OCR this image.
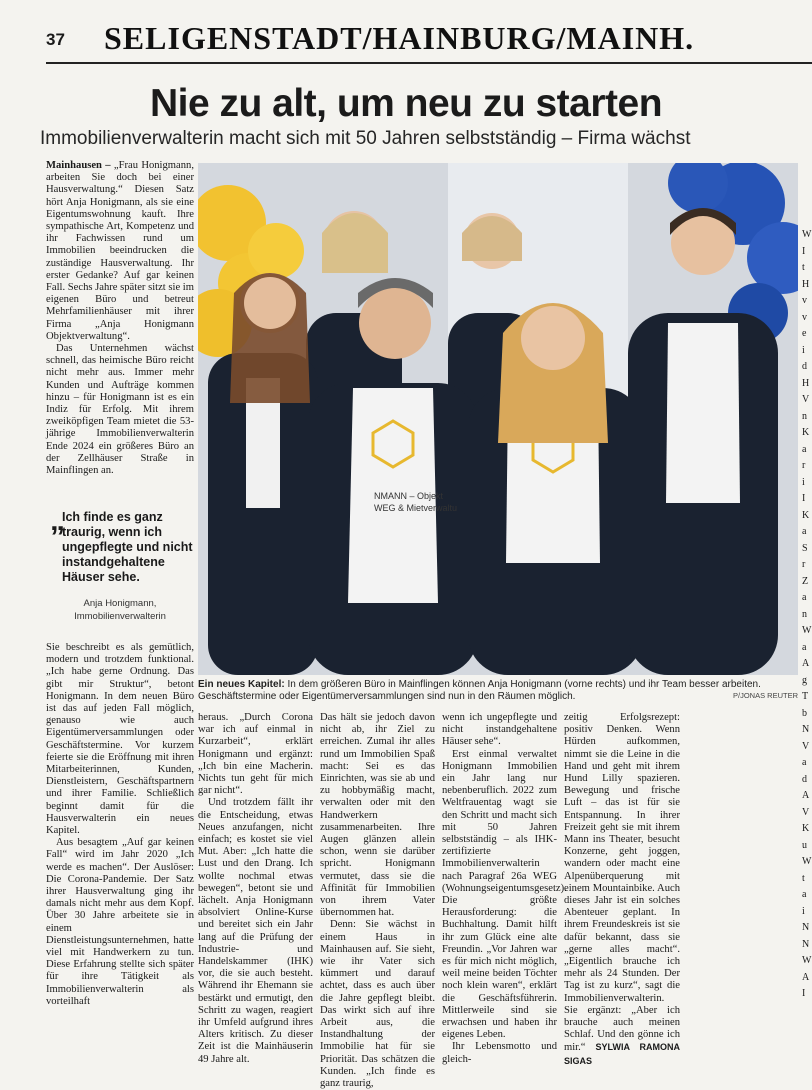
37 SELIGENSTADT/HAINBURG/MAINH.
Nie zu alt, um neu zu starten
Immobilienverwalterin macht sich mit 50 Jahren selbstständig – Firma wächst

Mainhausen – „Frau Honigmann, arbeiten Sie doch bei einer Hausverwaltung.“ Diesen Satz hört Anja Honigmann, als sie eine Eigentumswohnung kauft. Ihre sympathische Art, Kompetenz und ihr Fachwissen rund um Immobilien beeindrucken die zuständige Hausverwaltung. Ihr erster Gedanke? Auf gar keinen Fall. Sechs Jahre später sitzt sie im eigenen Büro und betreut Mehrfamilienhäuser mit ihrer Firma „Anja Honigmann Objektverwaltung“.

Das Unternehmen wächst schnell, das heimische Büro reicht nicht mehr aus. Immer mehr Kunden und Aufträge kommen hinzu – für Honigmann ist es ein Indiz für Erfolg. Mit ihrem zweiköpfigen Team mietet die 53-jährige Immobilienverwalterin Ende 2024 ein größeres Büro an der Zellhäuser Straße in Mainflingen an.

„
Ich finde es ganz traurig, wenn ich ungepflegte und nicht instandgehaltene Häuser sehe.
Anja Honigmann,
Immobilienverwalterin

Sie beschreibt es als gemütlich, modern und trotzdem funktional. „Ich habe gerne Ordnung. Das gibt mir Struktur“, betont Honigmann. In dem neuen Büro ist das auf jeden Fall möglich, genauso wie auch Eigentümerversammlungen oder Geschäftstermine. Vor kurzem feierte sie die Eröffnung mit ihren Mitarbeiterinnen, Kunden, Dienstleistern, Geschäftspartnern und ihrer Familie. Schließlich beginnt damit für die Hausverwalterin ein neues Kapitel.

Aus besagtem „Auf gar keinen Fall“ wird im Jahr 2020 „Ich werde es machen“. Der Auslöser: Die Corona-Pandemie. Der Satz ihrer Hausverwaltung ging ihr damals nicht mehr aus dem Kopf. Über 30 Jahre arbeitete sie in einem Dienstleistungsunternehmen, hatte viel mit Handwerkern zu tun. Diese Erfahrung stellte sich später für ihre Tätigkeit als Immobilienverwalterin als vorteilhaft

NMANN – Objekt
WEG & Mietverwaltu
Ein neues Kapitel: In dem größeren Büro in Mainflingen können Anja Honigmann (vorne rechts) und ihr Team besser arbeiten. Geschäftstermine oder Eigentümerversammlungen sind nun in den Räumen möglich.	P/JONAS REUTER

heraus. „Durch Corona war ich auf einmal in Kurzarbeit“, erklärt Honigmann und ergänzt: „Ich bin eine Macherin. Nichts tun geht für mich gar nicht“.

Und trotzdem fällt ihr die Entscheidung, etwas Neues anzufangen, nicht einfach; es kostet sie viel Mut. Aber: „Ich hatte die Lust und den Drang. Ich wollte nochmal etwas bewegen“, betont sie und lächelt. Anja Honigmann absolviert Online-Kurse und bereitet sich ein Jahr lang auf die Prüfung der Industrie- und Handelskammer (IHK) vor, die sie auch besteht. Während ihr Ehemann sie bestärkt und ermutigt, den Schritt zu wagen, reagiert ihr Umfeld aufgrund ihres Alters kritisch. Zu dieser Zeit ist die Mainhäuserin 49 Jahre alt.

Das hält sie jedoch davon nicht ab, ihr Ziel zu erreichen. Zumal ihr alles rund um Immobilien Spaß macht: Sei es das Einrichten, was sie ab und zu hobbymäßig macht, verwalten oder mit den Handwerkern zusammenarbeiten. Ihre Augen glänzen allein schon, wenn sie darüber spricht. Honigmann vermutet, dass sie die Affinität für Immobilien von ihrem Vater übernommen hat.

Denn: Sie wächst in einem Haus in Mainhausen auf. Sie sieht, wie ihr Vater sich kümmert und darauf achtet, dass es auch über die Jahre gepflegt bleibt. Das wirkt sich auf ihre Arbeit aus, die Instandhaltung der Immobilie hat für sie Priorität. Das schätzen die Kunden. „Ich finde es ganz traurig,

wenn ich ungepflegte und nicht instandgehaltene Häuser sehe“.

Erst einmal verwaltet Honigmann Immobilien ein Jahr lang nur nebenberuflich. 2022 zum Weltfrauentag wagt sie den Schritt und macht sich mit 50 Jahren selbstständig – als IHK-zertifizierte Immobilienverwalterin nach Paragraf 26a WEG (Wohnungseigentumsgesetz). Die größte Herausforderung: die Buchhaltung. Damit hilft ihr zum Glück eine alte Freundin. „Vor Jahren war es für mich nicht möglich, weil meine beiden Töchter noch klein waren“, erklärt die Geschäftsführerin. Mittlerweile sind sie erwachsen und haben ihr eigenes Leben.

Ihr Lebensmotto und gleich-

zeitig Erfolgsrezept: positiv Denken. Wenn Hürden aufkommen, nimmt sie die Leine in die Hand und geht mit ihrem Hund Lilly spazieren. Bewegung und frische Luft – das ist für sie Entspannung. In ihrer Freizeit geht sie mit ihrem Mann ins Theater, besucht Konzerne, geht joggen, wandern oder macht eine Alpenüberquerung mit einem Mountainbike. Auch dieses Jahr ist ein solches Abenteuer geplant. In ihrem Freundeskreis ist sie dafür bekannt, dass sie „gerne alles macht“. „Eigentlich brauche ich mehr als 24 Stunden. Der Tag ist zu kurz“, sagt die Immobilienverwalterin. Sie ergänzt: „Aber ich brauche auch meinen Schlaf. Und den gönne ich mir.“ SYLWIA RAMONA SIGAS

W
I
t
H
v
v
e
i
d
H
V
n
K
a
r
i
I
K
a
S
r
Z
a
n
W
a
A
g
T
b
N
V
a
d
A
V
K
u
W
t
a
i
N
N
W
A
I
